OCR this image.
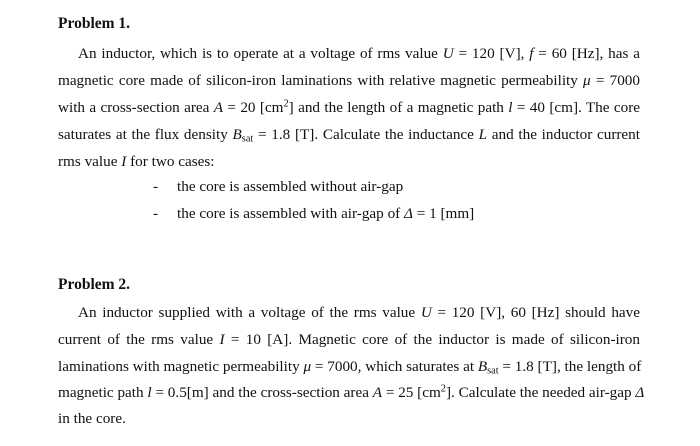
Problem 1.
An inductor, which is to operate at a voltage of rms value U = 120 [V], f = 60 [Hz], has a
magnetic core made of silicon-iron laminations with relative magnetic permeability μ = 7000
with a cross-section area A = 20 $[cm^2]$ and the length of a magnetic path l = 40 [cm]. The core
saturates at the flux density $B_{sat} = 1.8$ [T]. Calculate the inductance L and the inductor current
rms value I for two cases:
- the core is assembled without air-gap
- the core is assembled with air-gap of Δ = 1 [mm]
Problem 2.
An inductor supplied with a voltage of the rms value U = 120 [V], 60 [Hz] should have
current of the rms value I = 10 [A]. Magnetic core of the inductor is made of silicon-iron
laminations with magnetic permeability μ = 7000, which saturates at $B_{sat} = 1.8$ [T], the length of
magnetic path l = 0.5[m] and the cross-section area A = 25 $[cm^2]$. Calculate the needed air-gap Δ
in the core.
